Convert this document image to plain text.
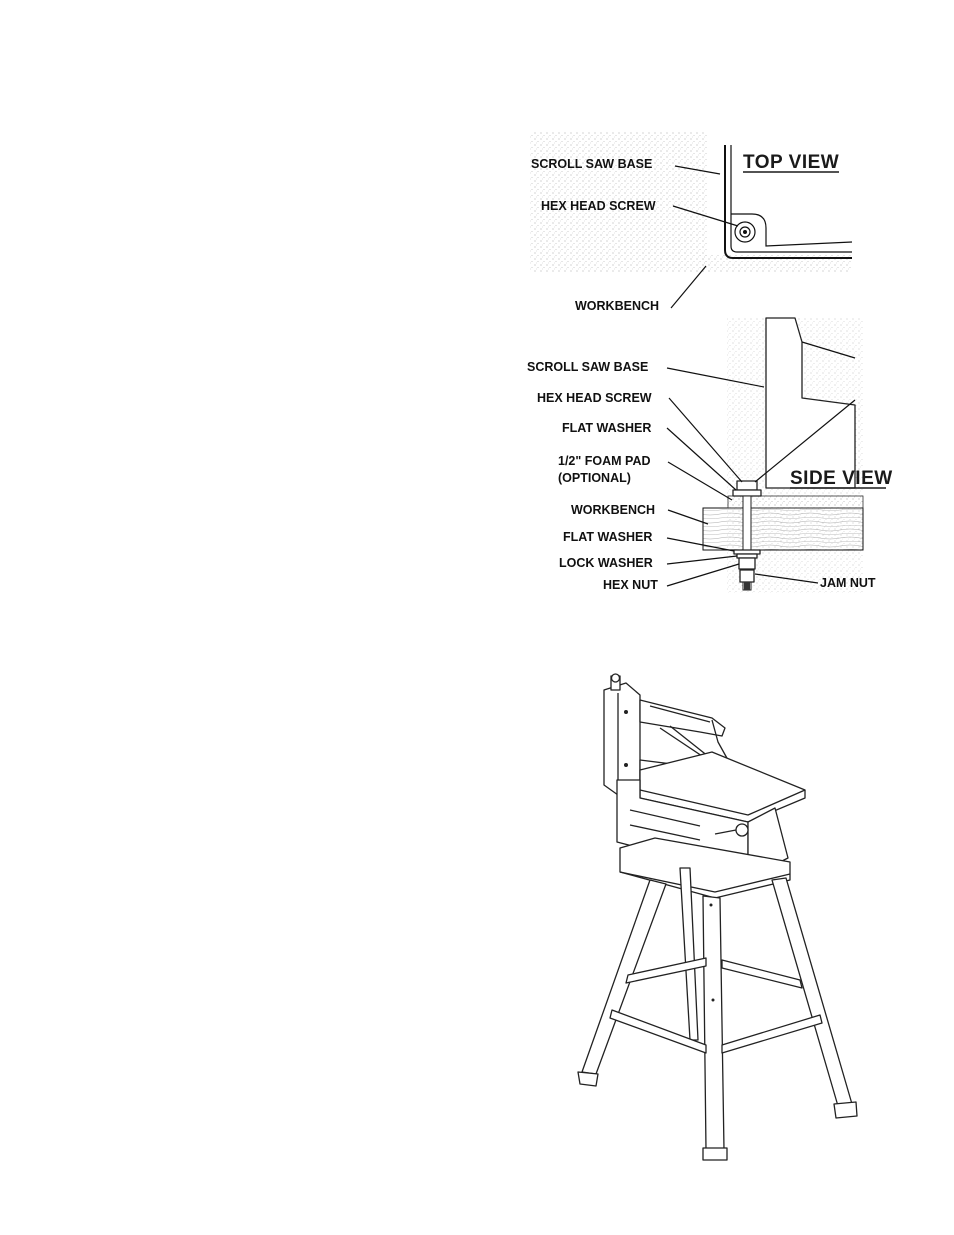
TOP VIEW
SCROLL SAW BASE
HEX HEAD SCREW
WORKBENCH
SIDE VIEW
SCROLL SAW BASE
HEX HEAD SCREW
FLAT WASHER
1/2" FOAM PAD
(OPTIONAL)
WORKBENCH
FLAT WASHER
LOCK WASHER
HEX NUT	JAM NUT
